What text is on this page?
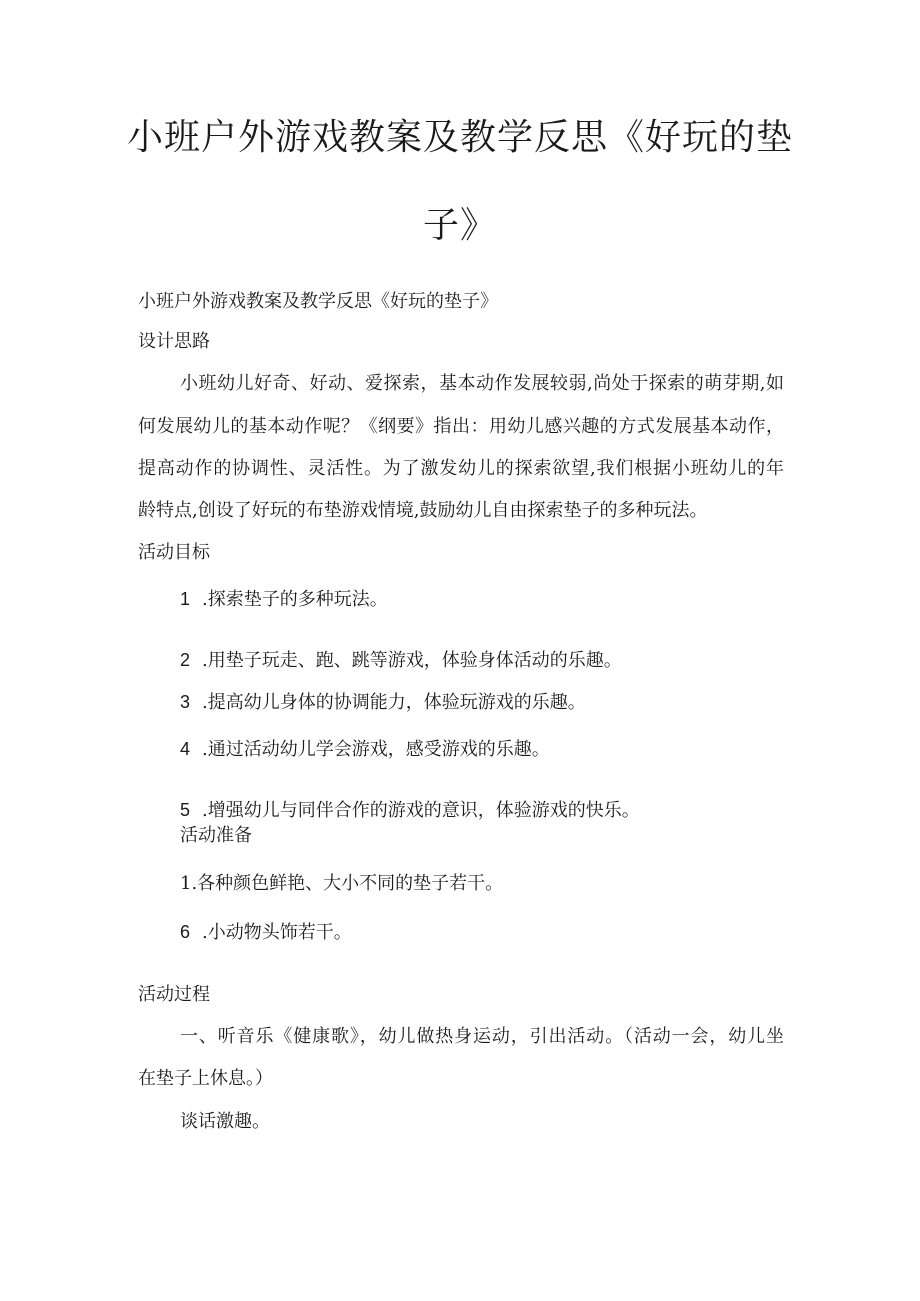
小班户外游戏教案及教学反思《好玩的垫
子》

小班户外游戏教案及教学反思《好玩的垫子》

设计思路

小班幼儿好奇、好动、爱探索，基本动作发展较弱,尚处于探索的萌芽期,如

何发展幼儿的基本动作呢？《纲要》指出：用幼儿感兴趣的方式发展基本动作，

提高动作的协调性、灵活性。为了激发幼儿的探索欲望,我们根据小班幼儿的年

龄特点,创设了好玩的布垫游戏情境,鼓励幼儿自由探索垫子的多种玩法。

活动目标

1 .探索垫子的多种玩法。

2 .用垫子玩走、跑、跳等游戏，体验身体活动的乐趣。

3 .提高幼儿身体的协调能力，体验玩游戏的乐趣。

4 .通过活动幼儿学会游戏，感受游戏的乐趣。

5 .增强幼儿与同伴合作的游戏的意识，体验游戏的快乐。

活动准备

1.各种颜色鲜艳、大小不同的垫子若干。

6 .小动物头饰若干。

活动过程

一、听音乐《健康歌》，幼儿做热身运动，引出活动。（活动一会，幼儿坐

在垫子上休息。）

谈话激趣。
